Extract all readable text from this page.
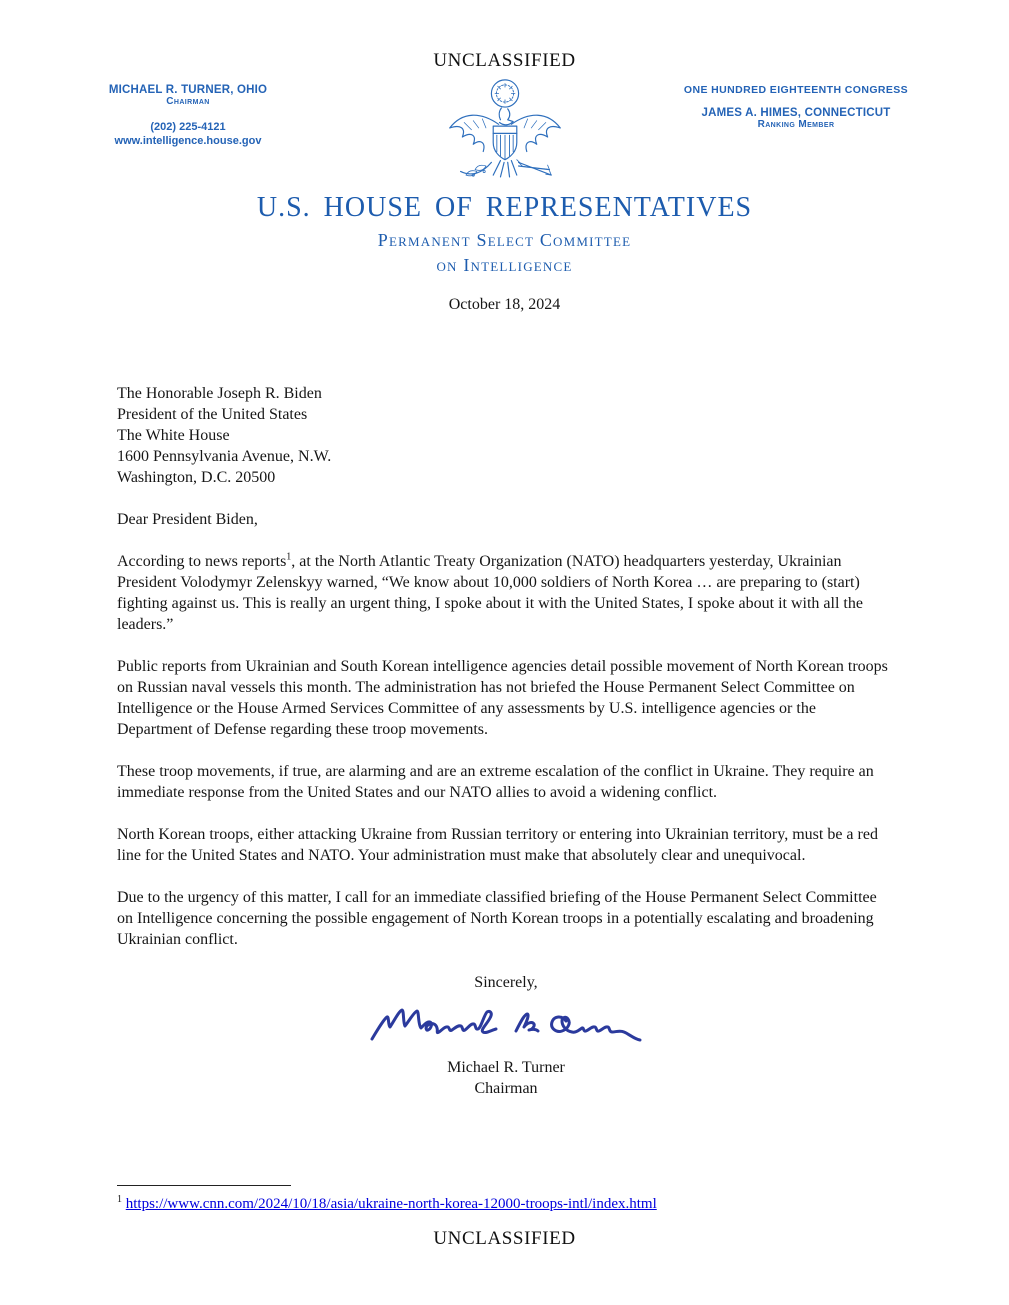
UNCLASSIFIED
MICHAEL R. TURNER, OHIO
Chairman
(202) 225-4121
www.intelligence.house.gov
ONE HUNDRED EIGHTEENTH CONGRESS
JAMES A. HIMES, CONNECTICUT
Ranking Member
U.S. HOUSE OF REPRESENTATIVES
Permanent Select Committee
on Intelligence
October 18, 2024
The Honorable Joseph R. Biden
President of the United States
The White House
1600 Pennsylvania Avenue, N.W.
Washington, D.C. 20500
Dear President Biden,

According to news reports$^1$, at the North Atlantic Treaty Organization (NATO) headquarters yesterday, Ukrainian President Volodymyr Zelenskyy warned, “We know about 10,000 soldiers of North Korea … are preparing to (start) fighting against us. This is really an urgent thing, I spoke about it with the United States, I spoke about it with all the leaders.”

Public reports from Ukrainian and South Korean intelligence agencies detail possible movement of North Korean troops on Russian naval vessels this month. The administration has not briefed the House Permanent Select Committee on Intelligence or the House Armed Services Committee of any assessments by U.S. intelligence agencies or the Department of Defense regarding these troop movements.

These troop movements, if true, are alarming and are an extreme escalation of the conflict in Ukraine. They require an immediate response from the United States and our NATO allies to avoid a widening conflict.

North Korean troops, either attacking Ukraine from Russian territory or entering into Ukrainian territory, must be a red line for the United States and NATO. Your administration must make that absolutely clear and unequivocal.

Due to the urgency of this matter, I call for an immediate classified briefing of the House Permanent Select Committee on Intelligence concerning the possible engagement of North Korean troops in a potentially escalating and broadening Ukrainian conflict.

Sincerely,
Michael R. Turner
Chairman
$^1$ https://www.cnn.com/2024/10/18/asia/ukraine-north-korea-12000-troops-intl/index.html
UNCLASSIFIED
